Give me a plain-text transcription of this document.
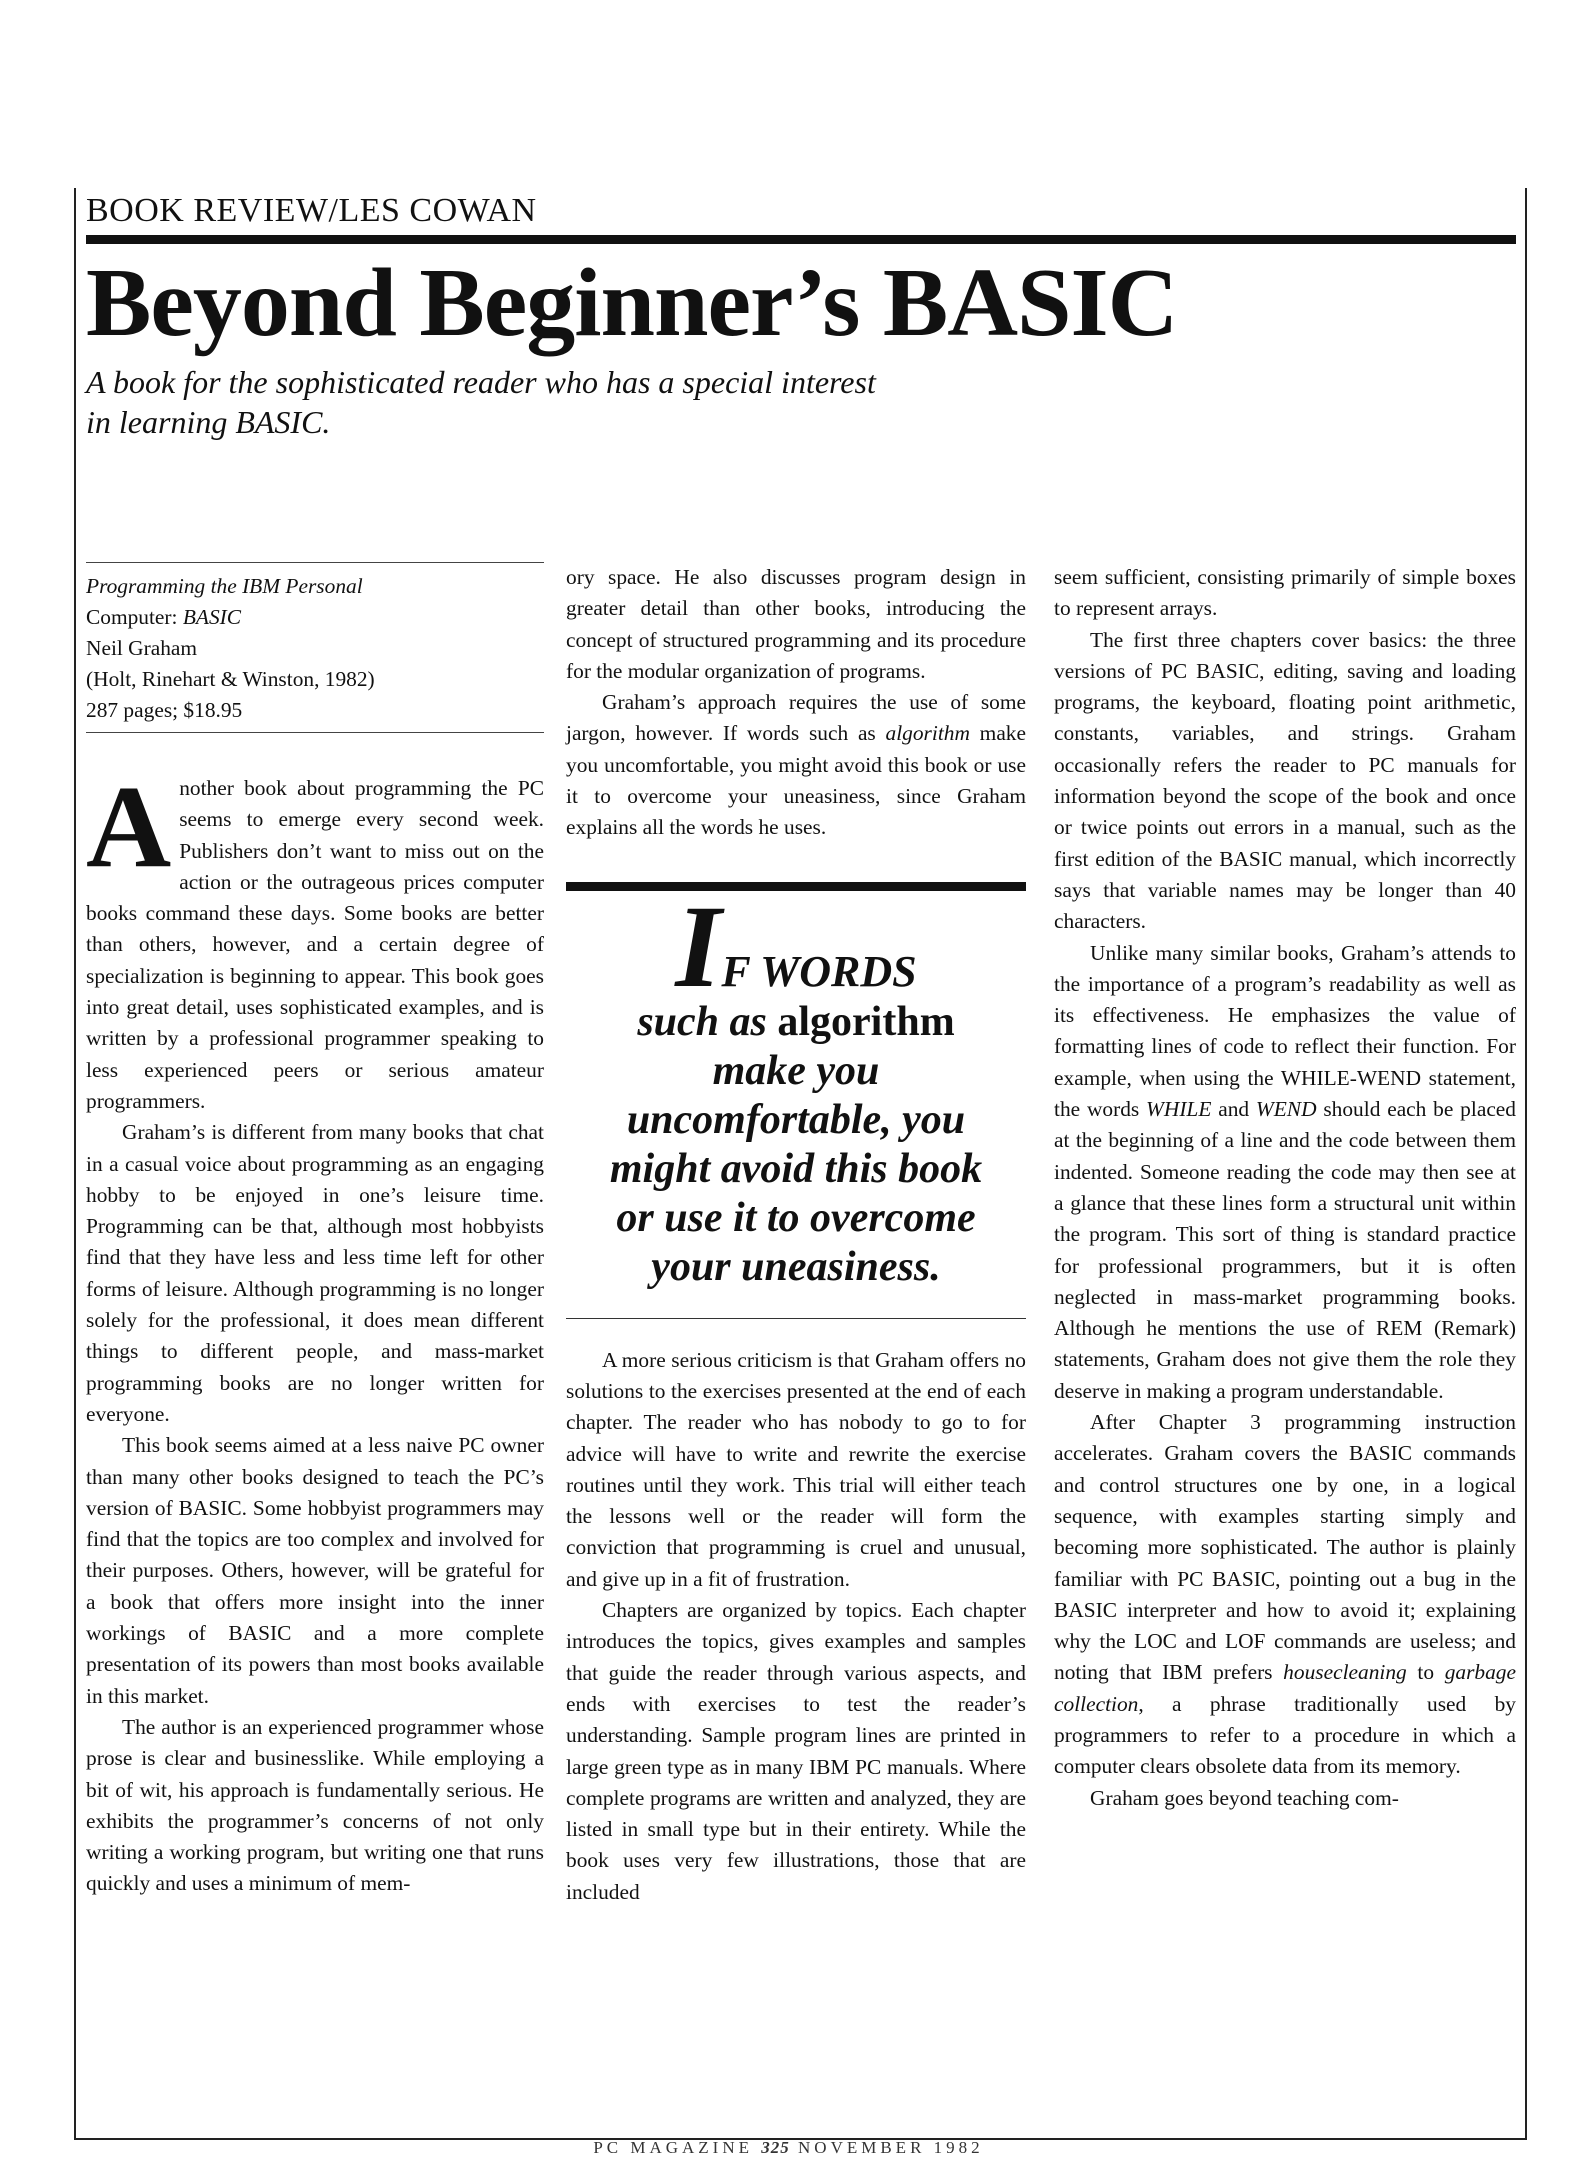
BOOK REVIEW/LES COWAN
Beyond Beginner’s BASIC
A book for the sophisticated reader who has a special interest
in learning BASIC.
Programming the IBM Personal
Computer: BASIC
Neil Graham
(Holt, Rinehart & Winston, 1982)
287 pages; $18.95

Another book about programming the PC seems to emerge every second week. Publishers don’t want to miss out on the action or the outrageous prices computer books command these days. Some books are better than others, however, and a certain degree of specialization is beginning to appear. This book goes into great detail, uses sophisticated examples, and is written by a professional programmer speaking to less experienced peers or serious amateur programmers.

Graham’s is different from many books that chat in a casual voice about programming as an engaging hobby to be enjoyed in one’s leisure time. Programming can be that, although most hobbyists find that they have less and less time left for other forms of leisure. Although programming is no longer solely for the professional, it does mean different things to different people, and mass-market programming books are no longer written for everyone.

This book seems aimed at a less naive PC owner than many other books designed to teach the PC’s version of BASIC. Some hobbyist programmers may find that the topics are too complex and involved for their purposes. Others, however, will be grateful for a book that offers more insight into the inner workings of BASIC and a more complete presentation of its powers than most books available in this market.

The author is an experienced programmer whose prose is clear and businesslike. While employing a bit of wit, his approach is fundamentally serious. He exhibits the programmer’s concerns of not only writing a working program, but writing one that runs quickly and uses a minimum of mem-

ory space. He also discusses program design in greater detail than other books, introducing the concept of structured programming and its procedure for the modular organization of programs.

Graham’s approach requires the use of some jargon, however. If words such as algorithm make you uncomfortable, you might avoid this book or use it to overcome your uneasiness, since Graham explains all the words he uses.

IF WORDS
such as algorithm
make you
uncomfortable, you
might avoid this book
or use it to overcome
your uneasiness.

A more serious criticism is that Graham offers no solutions to the exercises presented at the end of each chapter. The reader who has nobody to go to for advice will have to write and rewrite the exercise routines until they work. This trial will either teach the lessons well or the reader will form the conviction that programming is cruel and unusual, and give up in a fit of frustration.

Chapters are organized by topics. Each chapter introduces the topics, gives examples and samples that guide the reader through various aspects, and ends with exercises to test the reader’s understanding. Sample program lines are printed in large green type as in many IBM PC manuals. Where complete programs are written and analyzed, they are listed in small type but in their entirety. While the book uses very few illustrations, those that are included

seem sufficient, consisting primarily of simple boxes to represent arrays.

The first three chapters cover basics: the three versions of PC BASIC, editing, saving and loading programs, the keyboard, floating point arithmetic, constants, variables, and strings. Graham occasionally refers the reader to PC manuals for information beyond the scope of the book and once or twice points out errors in a manual, such as the first edition of the BASIC manual, which incorrectly says that variable names may be longer than 40 characters.

Unlike many similar books, Graham’s attends to the importance of a program’s readability as well as its effectiveness. He emphasizes the value of formatting lines of code to reflect their function. For example, when using the WHILE-WEND statement, the words WHILE and WEND should each be placed at the beginning of a line and the code between them indented. Someone reading the code may then see at a glance that these lines form a structural unit within the program. This sort of thing is standard practice for professional programmers, but it is often neglected in mass-market programming books. Although he mentions the use of REM (Remark) statements, Graham does not give them the role they deserve in making a program understandable.

After Chapter 3 programming instruction accelerates. Graham covers the BASIC commands and control structures one by one, in a logical sequence, with examples starting simply and becoming more sophisticated. The author is plainly familiar with PC BASIC, pointing out a bug in the BASIC interpreter and how to avoid it; explaining why the LOC and LOF commands are useless; and noting that IBM prefers housecleaning to garbage collection, a phrase traditionally used by programmers to refer to a procedure in which a computer clears obsolete data from its memory.

Graham goes beyond teaching com-

PC MAGAZINE 325 NOVEMBER 1982
